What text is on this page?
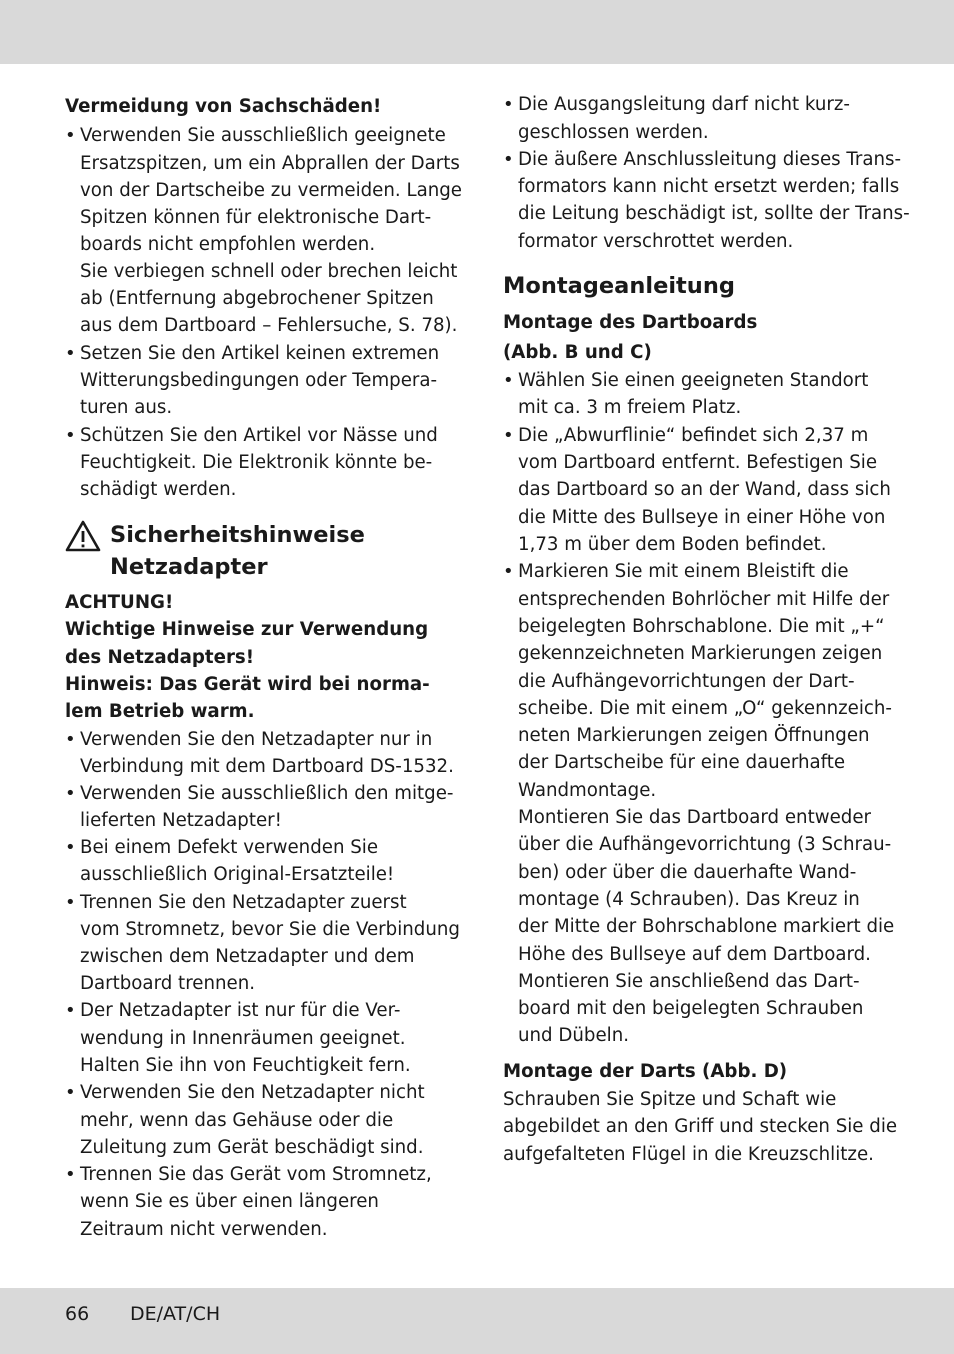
Vermeidung von Sachschäden!
• Verwenden Sie ausschließlich geeignete
Ersatzspitzen, um ein Abprallen der Darts
von der Dartscheibe zu vermeiden. Lange
Spitzen können für elektronische Dart-
boards nicht empfohlen werden.
Sie verbiegen schnell oder brechen leicht
ab (Entfernung abgebrochener Spitzen
aus dem Dartboard – Fehlersuche, S. 78).
• Setzen Sie den Artikel keinen extremen
Witterungsbedingungen oder Tempera-
turen aus.
• Schützen Sie den Artikel vor Nässe und
Feuchtigkeit. Die Elektronik könnte be-
schädigt werden.
Sicherheitshinweise
Netzadapter
ACHTUNG!
Wichtige Hinweise zur Verwendung
des Netzadapters!
Hinweis: Das Gerät wird bei norma-
lem Betrieb warm.
• Verwenden Sie den Netzadapter nur in
Verbindung mit dem Dartboard DS-1532.
• Verwenden Sie ausschließlich den mitge-
lieferten Netzadapter!
• Bei einem Defekt verwenden Sie
ausschließlich Original-Ersatzteile!
• Trennen Sie den Netzadapter zuerst
vom Stromnetz, bevor Sie die Verbindung
zwischen dem Netzadapter und dem
Dartboard trennen.
• Der Netzadapter ist nur für die Ver-
wendung in Innenräumen geeignet.
Halten Sie ihn von Feuchtigkeit fern.
• Verwenden Sie den Netzadapter nicht
mehr, wenn das Gehäuse oder die
Zuleitung zum Gerät beschädigt sind.
• Trennen Sie das Gerät vom Stromnetz,
wenn Sie es über einen längeren
Zeitraum nicht verwenden.
• Die Ausgangsleitung darf nicht kurz-
geschlossen werden.
• Die äußere Anschlussleitung dieses Trans-
formators kann nicht ersetzt werden; falls
die Leitung beschädigt ist, sollte der Trans-
formator verschrottet werden.
Montageanleitung
Montage des Dartboards
(Abb. B und C)
• Wählen Sie einen geeigneten Standort
mit ca. 3 m freiem Platz.
• Die „Abwurflinie“ befindet sich 2,37 m
vom Dartboard entfernt. Befestigen Sie
das Dartboard so an der Wand, dass sich
die Mitte des Bullseye in einer Höhe von
1,73 m über dem Boden befindet.
• Markieren Sie mit einem Bleistift die
entsprechenden Bohrlöcher mit Hilfe der
beigelegten Bohrschablone. Die mit „+“
gekennzeichneten Markierungen zeigen
die Aufhängevorrichtungen der Dart-
scheibe. Die mit einem „O“ gekennzeich-
neten Markierungen zeigen Öffnungen
der Dartscheibe für eine dauerhafte
Wandmontage.
Montieren Sie das Dartboard entweder
über die Aufhängevorrichtung (3 Schrau-
ben) oder über die dauerhafte Wand-
montage (4 Schrauben). Das Kreuz in
der Mitte der Bohrschablone markiert die
Höhe des Bullseye auf dem Dartboard.
Montieren Sie anschließend das Dart-
board mit den beigelegten Schrauben
und Dübeln.
Montage der Darts (Abb. D)
Schrauben Sie Spitze und Schaft wie
abgebildet an den Griff und stecken Sie die
aufgefalteten Flügel in die Kreuzschlitze.
66 DE/AT/CH
